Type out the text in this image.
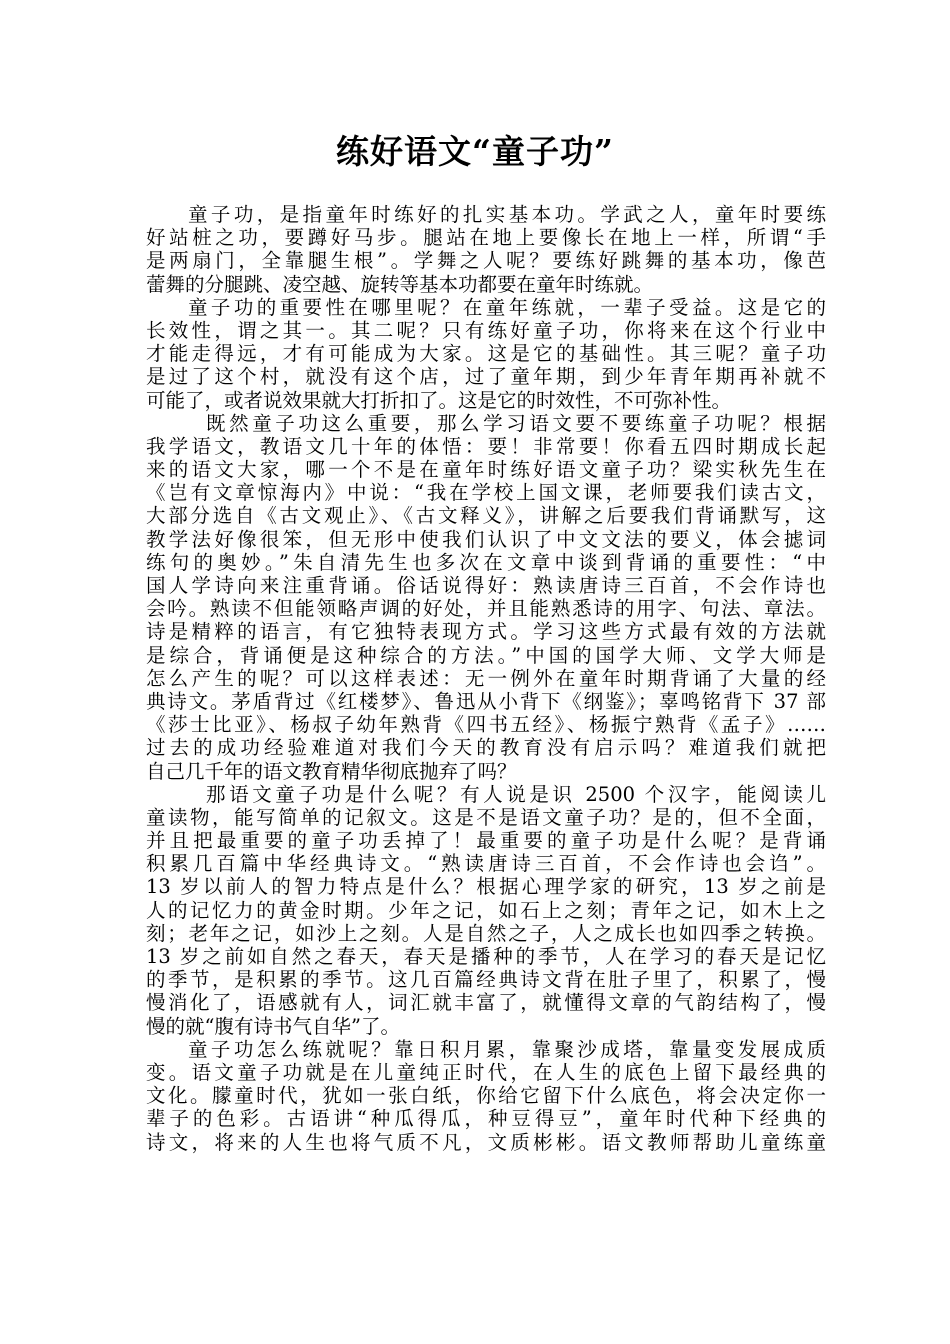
练好语文“童子功”
童子功，是指童年时练好的扎实基本功。学武之人，童年时要练
好站桩之功，要蹲好马步。腿站在地上要像长在地上一样，所谓“手
是两扇门，全靠腿生根”。学舞之人呢？要练好跳舞的基本功，像芭
蕾舞的分腿跳、凌空越、旋转等基本功都要在童年时练就。
童子功的重要性在哪里呢？在童年练就，一辈子受益。这是它的
长效性，谓之其一。其二呢？只有练好童子功，你将来在这个行业中
才能走得远，才有可能成为大家。这是它的基础性。其三呢？童子功
是过了这个村，就没有这个店，过了童年期，到少年青年期再补就不
可能了，或者说效果就大打折扣了。这是它的时效性，不可弥补性。
既然童子功这么重要，那么学习语文要不要练童子功呢？根据
我学语文，教语文几十年的体悟：要！非常要！你看五四时期成长起
来的语文大家，哪一个不是在童年时练好语文童子功？梁实秋先生在
《岂有文章惊海内》中说：“我在学校上国文课，老师要我们读古文，
大部分选自《古文观止》、《古文释义》，讲解之后要我们背诵默写，这
教学法好像很笨，但无形中使我们认识了中文文法的要义，体会摅词
练句的奥妙。”朱自清先生也多次在文章中谈到背诵的重要性：“中
国人学诗向来注重背诵。俗话说得好：熟读唐诗三百首，不会作诗也
会吟。熟读不但能领略声调的好处，并且能熟悉诗的用字、句法、章法。
诗是精粹的语言，有它独特表现方式。学习这些方式最有效的方法就
是综合，背诵便是这种综合的方法。”中国的国学大师、文学大师是
怎么产生的呢？可以这样表述：无一例外在童年时期背诵了大量的经
典诗文。茅盾背过《红楼梦》、鲁迅从小背下《纲鉴》；辜鸣铭背下 37 部
《莎士比亚》、杨叔子幼年熟背《四书五经》、杨振宁熟背《孟子》……
过去的成功经验难道对我们今天的教育没有启示吗？难道我们就把
自己几千年的语文教育精华彻底抛弃了吗？
那语文童子功是什么呢？有人说是识 2500 个汉字，能阅读儿
童读物，能写简单的记叙文。这是不是语文童子功？是的，但不全面，
并且把最重要的童子功丢掉了！最重要的童子功是什么呢？是背诵
积累几百篇中华经典诗文。“熟读唐诗三百首，不会作诗也会诌”。
13 岁以前人的智力特点是什么？根据心理学家的研究，13 岁之前是
人的记忆力的黄金时期。少年之记，如石上之刻；青年之记，如木上之
刻；老年之记，如沙上之刻。人是自然之子，人之成长也如四季之转换。
13 岁之前如自然之春天，春天是播种的季节，人在学习的春天是记忆
的季节，是积累的季节。这几百篇经典诗文背在肚子里了，积累了，慢
慢消化了，语感就有人，词汇就丰富了，就懂得文章的气韵结构了，慢
慢的就“腹有诗书气自华”了。
童子功怎么练就呢？靠日积月累，靠聚沙成塔，靠量变发展成质
变。语文童子功就是在儿童纯正时代，在人生的底色上留下最经典的
文化。朦童时代，犹如一张白纸，你给它留下什么底色，将会决定你一
辈子的色彩。古语讲“种瓜得瓜，种豆得豆”，童年时代种下经典的
诗文，将来的人生也将气质不凡，文质彬彬。语文教师帮助儿童练童
